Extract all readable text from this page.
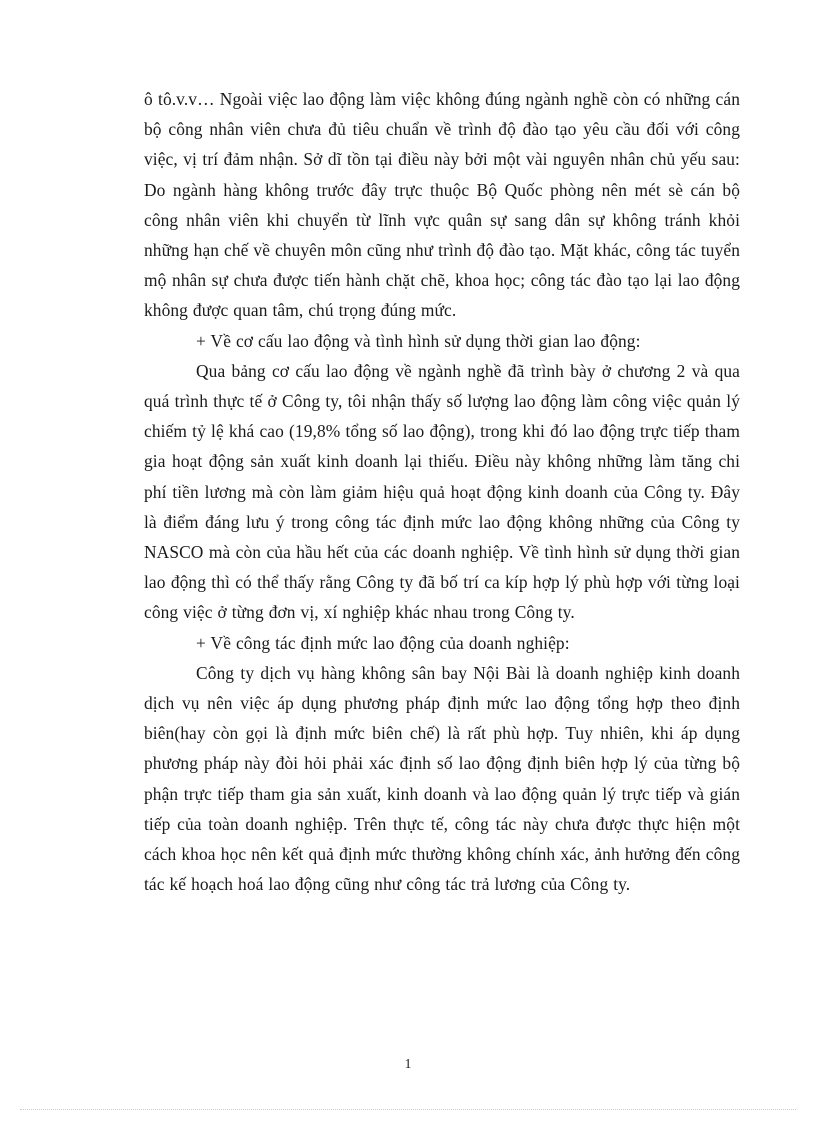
ô tô.v.v… Ngoài việc lao động làm việc không đúng ngành nghề còn có những cán bộ công nhân viên chưa đủ tiêu chuẩn về trình độ đào tạo yêu cầu đối với công việc, vị trí đảm nhận. Sở dĩ tồn tại điều này bởi một vài nguyên nhân chủ yếu sau: Do ngành hàng không trước đây trực thuộc Bộ Quốc phòng nên mét sè cán bộ công nhân viên khi chuyển từ lĩnh vực quân sự sang dân sự không tránh khỏi những hạn chế về chuyên môn cũng như trình độ đào tạo. Mặt khác, công tác tuyển mộ nhân sự chưa được tiến hành chặt chẽ, khoa học; công tác đào tạo lại lao động không được quan tâm, chú trọng đúng mức.

+ Về cơ cấu lao động và tình hình sử dụng thời gian lao động:

Qua bảng cơ cấu lao động về ngành nghề đã trình bày ở chương 2 và qua quá trình thực tế ở Công ty, tôi nhận thấy số lượng lao động làm công việc quản lý chiếm tỷ lệ khá cao (19,8% tổng số lao động), trong khi đó lao động trực tiếp tham gia hoạt động sản xuất kinh doanh lại thiếu. Điều này không những làm tăng chi phí tiền lương mà còn làm giảm hiệu quả hoạt động kinh doanh của Công ty. Đây là điểm đáng lưu ý trong công tác định mức lao động không những của Công ty NASCO mà còn của hầu hết của các doanh nghiệp. Về tình hình sử dụng thời gian lao động thì có thể thấy rằng Công ty đã bố trí ca kíp hợp lý phù hợp với từng loại công việc ở từng đơn vị, xí nghiệp khác nhau trong Công ty.

+ Về công tác định mức lao động của doanh nghiệp:

Công ty dịch vụ hàng không sân bay Nội Bài là doanh nghiệp kinh doanh dịch vụ nên việc áp dụng phương pháp định mức lao động tổng hợp theo định biên(hay còn gọi là định mức biên chế) là rất phù hợp. Tuy nhiên, khi áp dụng phương pháp này đòi hỏi phải xác định số lao động định biên hợp lý của từng bộ phận trực tiếp tham gia sản xuất, kinh doanh và lao động quản lý trực tiếp và gián tiếp của toàn doanh nghiệp. Trên thực tế, công tác này chưa được thực hiện một cách khoa học nên kết quả định mức thường không chính xác, ảnh hưởng đến công tác kế hoạch hoá lao động cũng như công tác trả lương của Công ty.

1
